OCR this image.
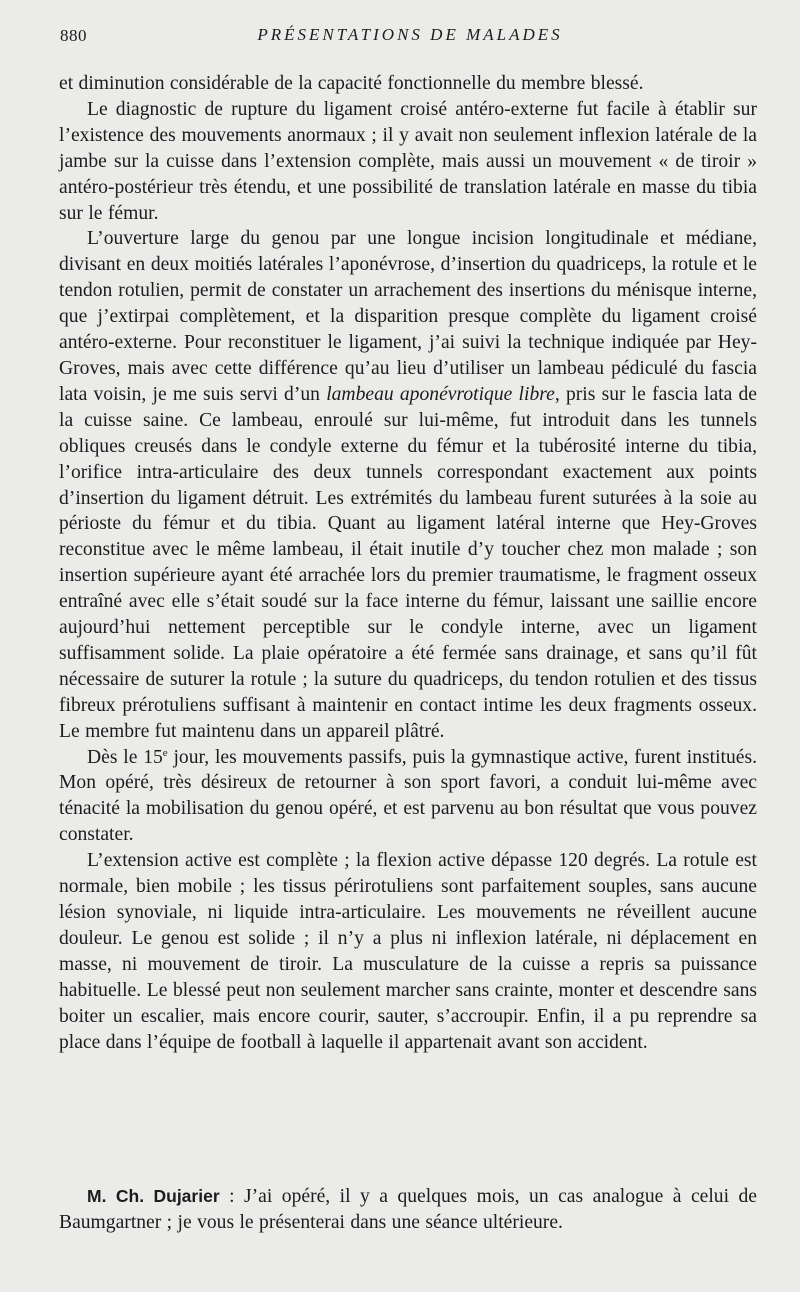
880	PRÉSENTATIONS DE MALADES

et diminution considérable de la capacité fonctionnelle du membre blessé.

Le diagnostic de rupture du ligament croisé antéro-externe fut facile à établir sur l’existence des mouvements anormaux ; il y avait non seulement inflexion latérale de la jambe sur la cuisse dans l’extension complète, mais aussi un mouvement « de tiroir » antéro-postérieur très étendu, et une possibilité de translation latérale en masse du tibia sur le fémur.

L’ouverture large du genou par une longue incision longitudinale et médiane, divisant en deux moitiés latérales l’aponévrose, d’insertion du quadriceps, la rotule et le tendon rotulien, permit de constater un arrachement des insertions du ménisque interne, que j’extirpai complètement, et la disparition presque complète du ligament croisé antéro-externe. Pour reconstituer le ligament, j’ai suivi la technique indiquée par Hey-Groves, mais avec cette différence qu’au lieu d’utiliser un lambeau pédiculé du fascia lata voisin, je me suis servi d’un lambeau aponévrotique libre, pris sur le fascia lata de la cuisse saine. Ce lambeau, enroulé sur lui-même, fut introduit dans les tunnels obliques creusés dans le condyle externe du fémur et la tubérosité interne du tibia, l’orifice intra-articulaire des deux tunnels correspondant exactement aux points d’insertion du ligament détruit. Les extrémités du lambeau furent suturées à la soie au périoste du fémur et du tibia. Quant au ligament latéral interne que Hey-Groves reconstitue avec le même lambeau, il était inutile d’y toucher chez mon malade ; son insertion supérieure ayant été arrachée lors du premier traumatisme, le fragment osseux entraîné avec elle s’était soudé sur la face interne du fémur, laissant une saillie encore aujourd’hui nettement perceptible sur le condyle interne, avec un ligament suffisamment solide. La plaie opératoire a été fermée sans drainage, et sans qu’il fût nécessaire de suturer la rotule ; la suture du quadriceps, du tendon rotulien et des tissus fibreux prérotuliens suffisant à maintenir en contact intime les deux fragments osseux. Le membre fut maintenu dans un appareil plâtré.

Dès le 15e jour, les mouvements passifs, puis la gymnastique active, furent institués. Mon opéré, très désireux de retourner à son sport favori, a conduit lui-même avec ténacité la mobilisation du genou opéré, et est parvenu au bon résultat que vous pouvez constater.

L’extension active est complète ; la flexion active dépasse 120 degrés. La rotule est normale, bien mobile ; les tissus périrotuliens sont parfaitement souples, sans aucune lésion synoviale, ni liquide intra-articulaire. Les mouvements ne réveillent aucune douleur. Le genou est solide ; il n’y a plus ni inflexion latérale, ni déplacement en masse, ni mouvement de tiroir. La musculature de la cuisse a repris sa puissance habituelle. Le blessé peut non seulement marcher sans crainte, monter et descendre sans boiter un escalier, mais encore courir, sauter, s’accroupir. Enfin, il a pu reprendre sa place dans l’équipe de football à laquelle il appartenait avant son accident.

M. Ch. Dujarier : J’ai opéré, il y a quelques mois, un cas analogue à celui de Baumgartner ; je vous le présenterai dans une séance ultérieure.
